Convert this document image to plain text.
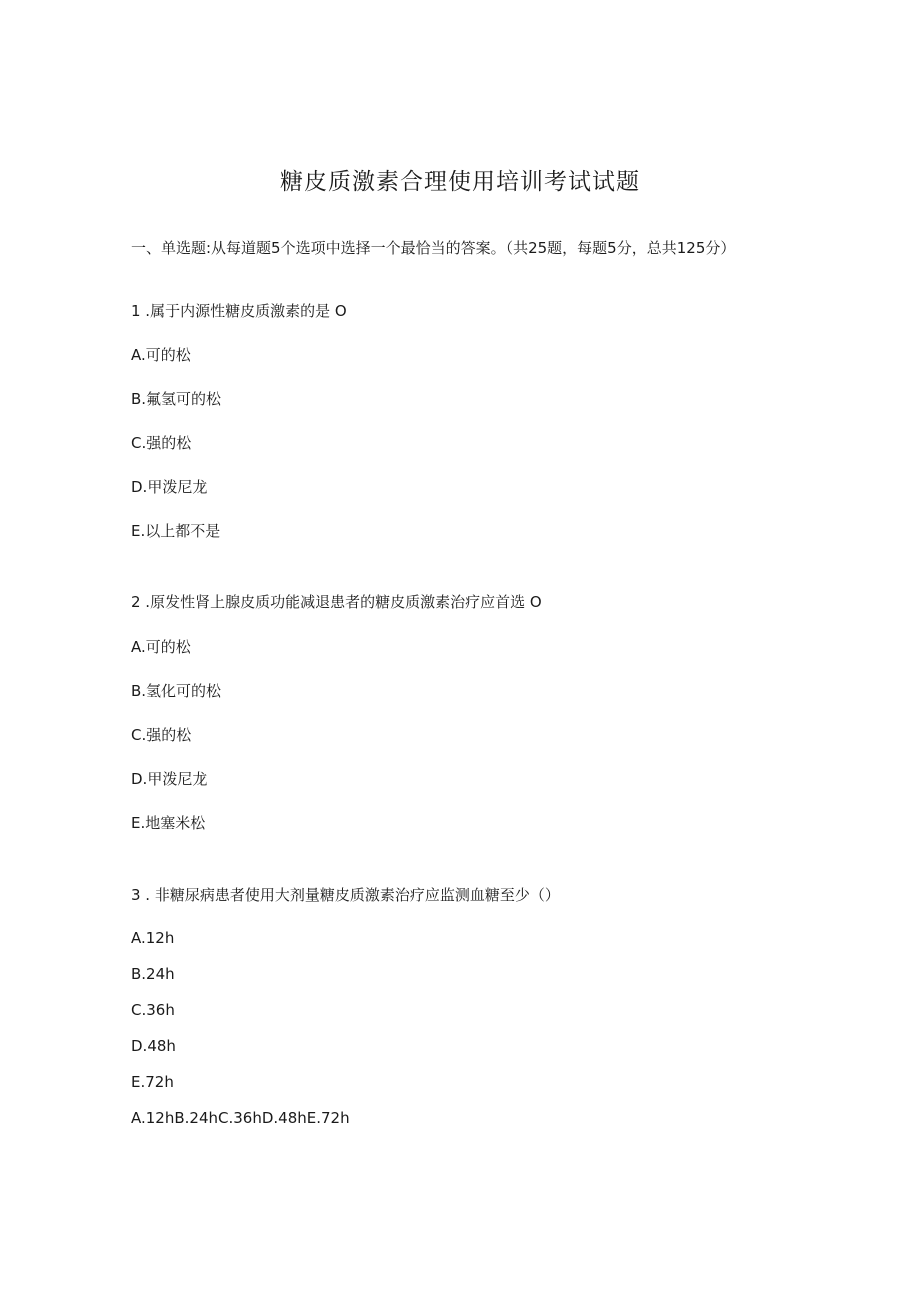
糖皮质激素合理使用培训考试试题
一、单选题:从每道题5个选项中选择一个最恰当的答案。（共25题，每题5分，总共125分）
1 .属于内源性糖皮质激素的是 O
A.可的松
B.氟氢可的松
C.强的松
D.甲泼尼龙
E.以上都不是
2 .原发性肾上腺皮质功能减退患者的糖皮质激素治疗应首选 O
A.可的松
B.氢化可的松
C.强的松
D.甲泼尼龙
E.地塞米松
3 . 非糖尿病患者使用大剂量糖皮质激素治疗应监测血糖至少（）
A.12h
B.24h
C.36h
D.48h
E.72h
A.12hB.24hC.36hD.48hE.72h
